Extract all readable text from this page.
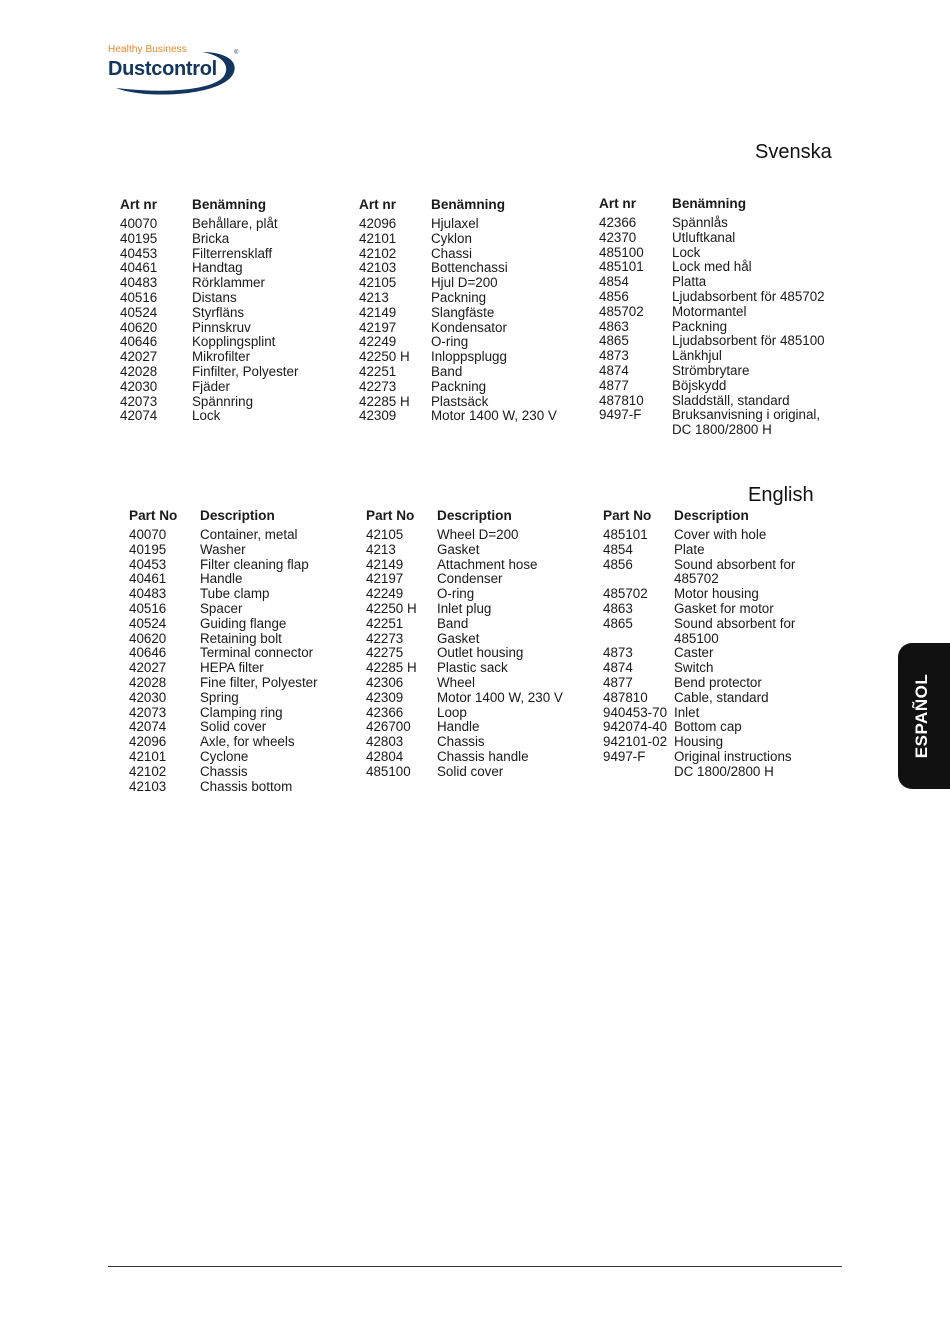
Healthy Business
Dustcontrol
®
Svenska
Art nr	Benämning
40070	Behållare, plåt
40195	Bricka
40453	Filterrensklaff
40461	Handtag
40483	Rörklammer
40516	Distans
40524	Styrfläns
40620	Pinnskruv
40646	Kopplingsplint
42027	Mikrofilter
42028	Finfilter, Polyester
42030	Fjäder
42073	Spännring
42074	Lock
Art nr	Benämning
42096	Hjulaxel
42101	Cyklon
42102	Chassi
42103	Bottenchassi
42105	Hjul D=200
4213	Packning
42149	Slangfäste
42197	Kondensator
42249	O-ring
42250 H	Inloppsplugg
42251	Band
42273	Packning
42285 H	Plastsäck
42309	Motor 1400 W, 230 V
Art nr	Benämning
42366	Spännlås
42370	Utluftkanal
485100	Lock
485101	Lock med hål
4854	Platta
4856	Ljudabsorbent för 485702
485702	Motormantel
4863	Packning
4865	Ljudabsorbent för 485100
4873	Länkhjul
4874	Strömbrytare
4877	Böjskydd
487810	Sladdställ, standard
9497-F	Bruksanvisning i original,
DC 1800/2800 H
English
Part No	Description
40070	Container, metal
40195	Washer
40453	Filter cleaning flap
40461	Handle
40483	Tube clamp
40516	Spacer
40524	Guiding flange
40620	Retaining bolt
40646	Terminal connector
42027	HEPA filter
42028	Fine filter, Polyester
42030	Spring
42073	Clamping ring
42074	Solid cover
42096	Axle, for wheels
42101	Cyclone
42102	Chassis
42103	Chassis bottom
Part No	Description
42105	Wheel D=200
4213	Gasket
42149	Attachment hose
42197	Condenser
42249	O-ring
42250 H	Inlet plug
42251	Band
42273	Gasket
42275	Outlet housing
42285 H	Plastic sack
42306	Wheel
42309	Motor 1400 W, 230 V
42366	Loop
426700	Handle
42803	Chassis
42804	Chassis handle
485100	Solid cover
Part No	Description
485101	Cover with hole
4854	Plate
4856	Sound absorbent for
485702
485702	Motor housing
4863	Gasket for motor
4865	Sound absorbent for
485100
4873	Caster
4874	Switch
4877	Bend protector
487810	Cable, standard
940453-70 Inlet
942074-40 Bottom cap
942101-02 Housing
9497-F	Original instructions
DC 1800/2800 H
ESPAÑOL
